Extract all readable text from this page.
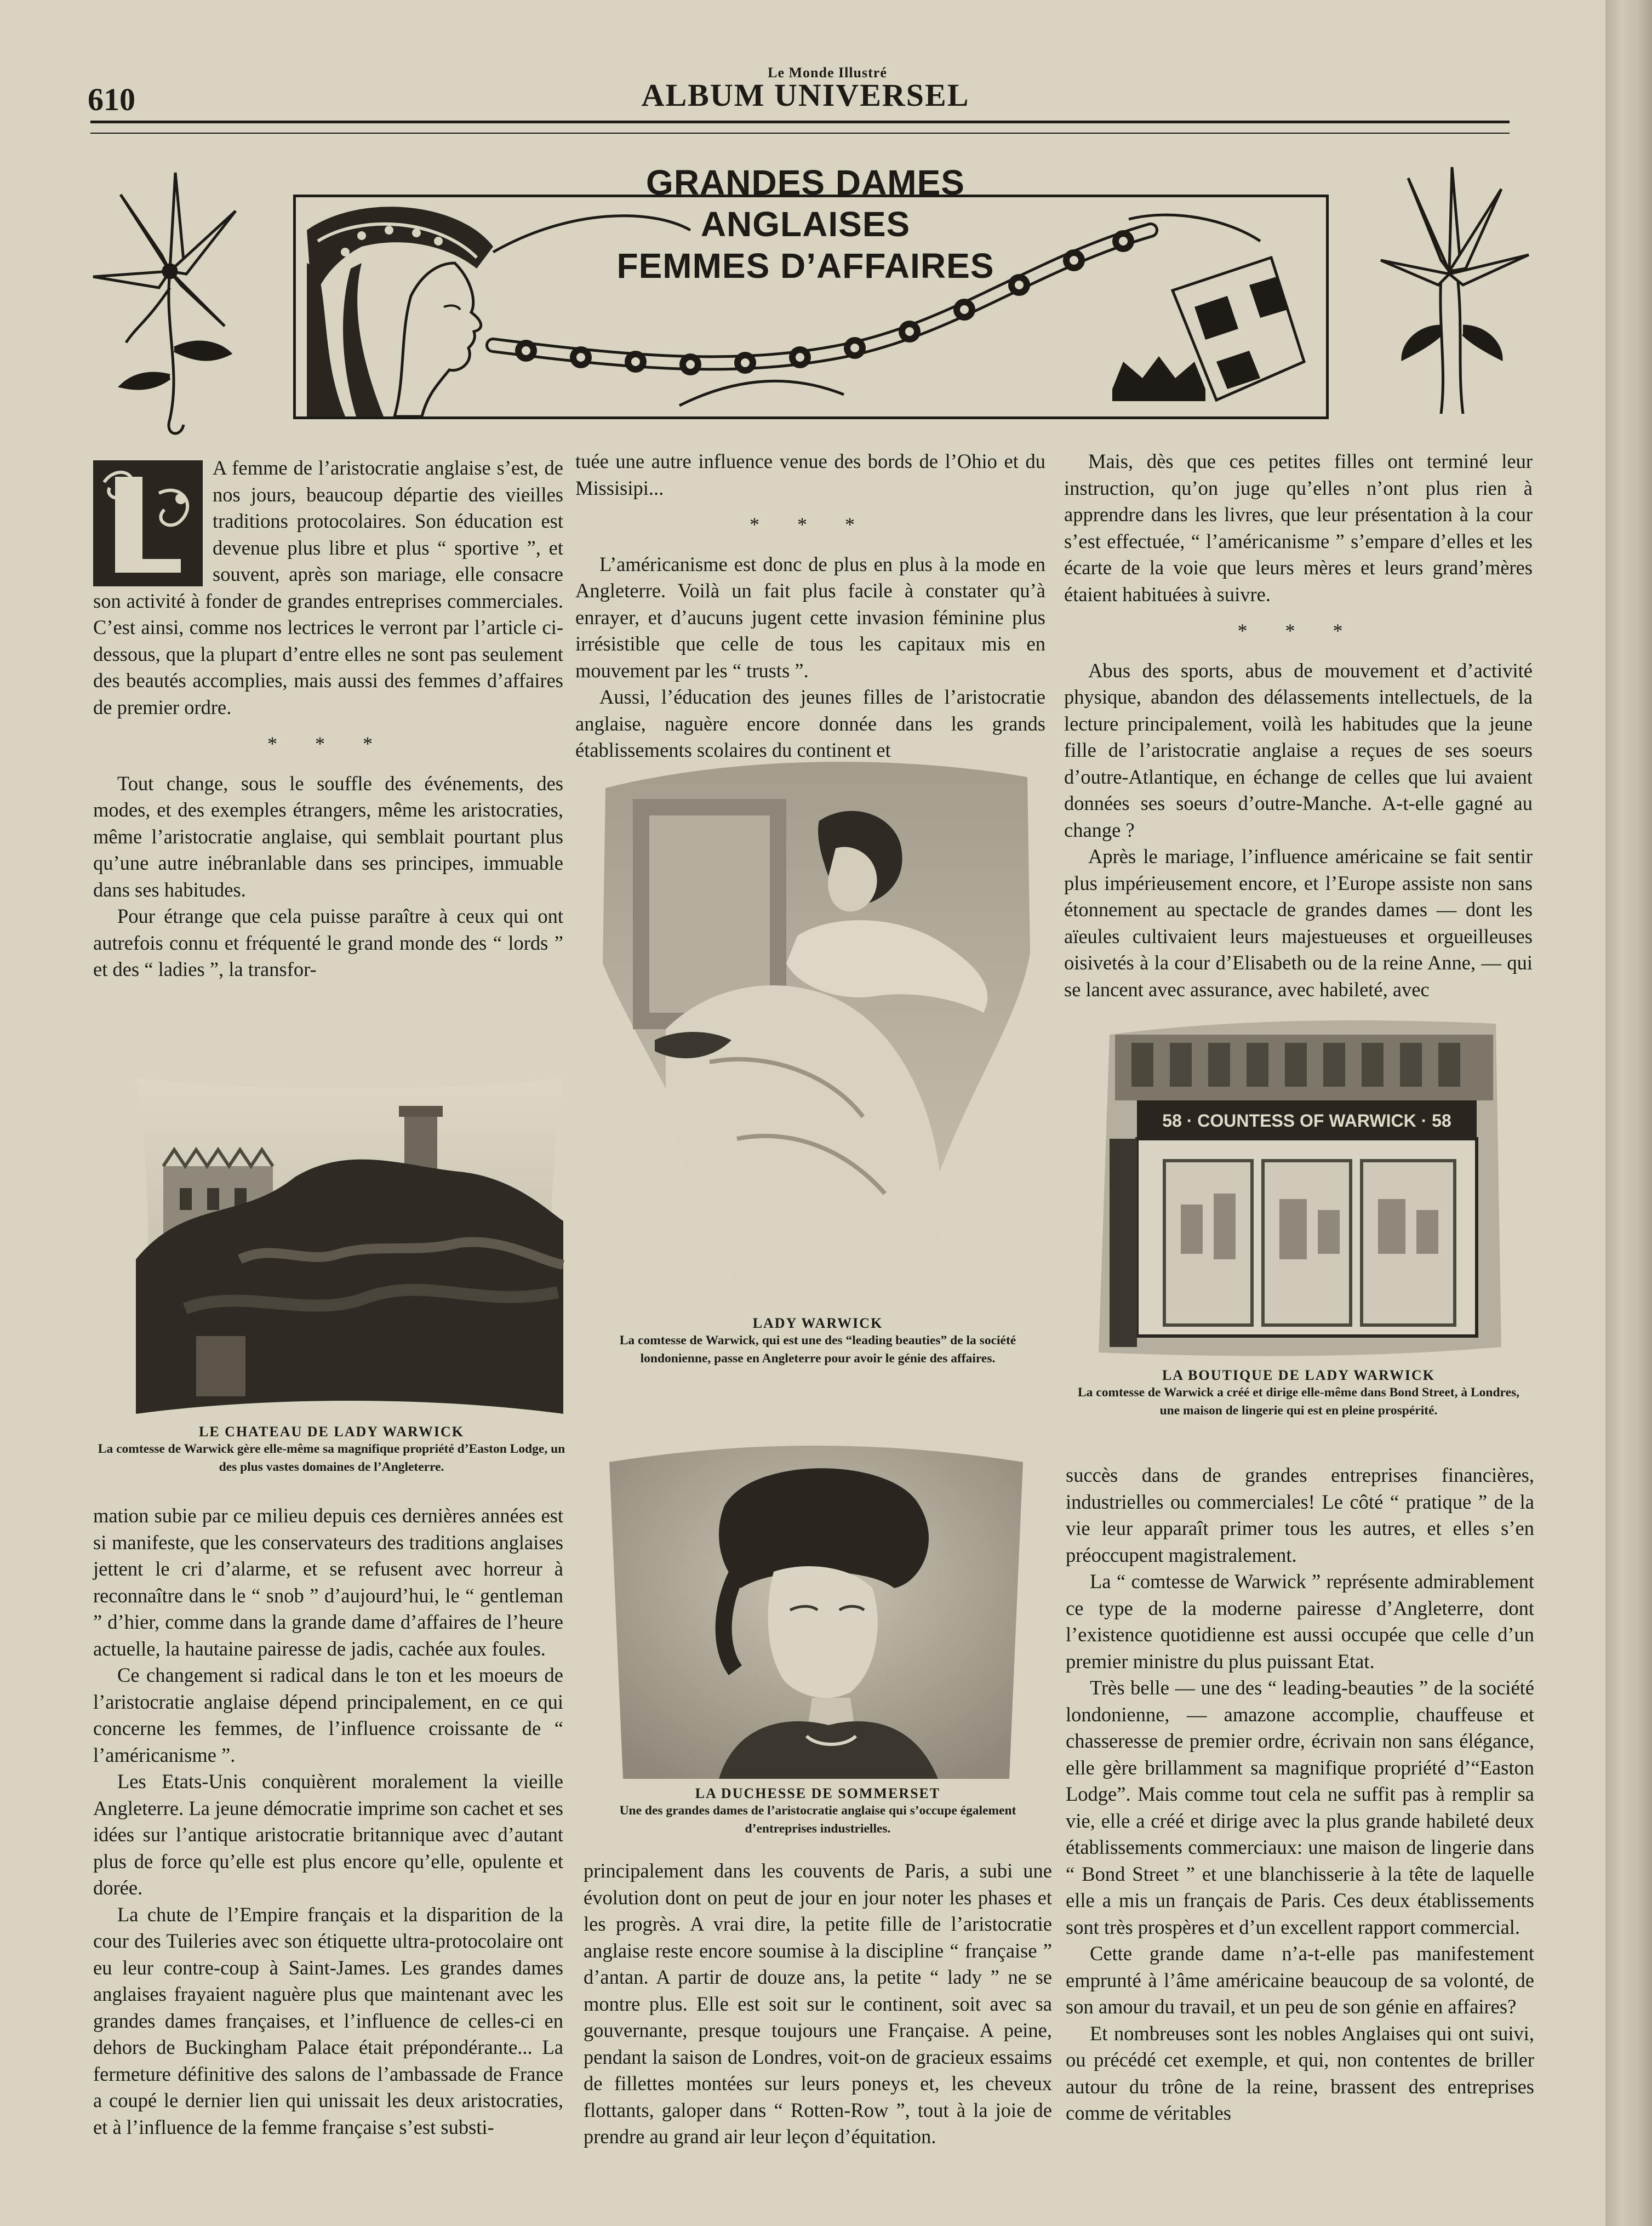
Le Monde Illustré
610	ALBUM UNIVERSEL
GRANDES DAMES
ANGLAISES
FEMMES D’AFFAIRES

A femme de l’aristocratie anglaise s’est, de nos jours, beaucoup départie des vieilles traditions protocolaires. Son éducation est devenue plus libre et plus “ sportive ”, et souvent, après son mariage, elle consacre son activité à fonder de grandes entreprises commerciales. C’est ainsi, comme nos lectrices le verront par l’article ci-dessous, que la plupart d’entre elles ne sont pas seulement des beautés accomplies, mais aussi des femmes d’affaires de premier ordre.

* * *

Tout change, sous le souffle des événements, des modes, et des exemples étrangers, même les aristocraties, même l’aristocratie anglaise, qui semblait pourtant plus qu’une autre inébranlable dans ses principes, immuable dans ses habitudes.

Pour étrange que cela puisse paraître à ceux qui ont autrefois connu et fréquenté le grand monde des “ lords ” et des “ ladies ”, la transfor-

LE CHATEAU DE LADY WARWICK
La comtesse de Warwick gère elle-même sa magnifique propriété d’Easton Lodge, un des plus vastes domaines de l’Angleterre.

mation subie par ce milieu depuis ces dernières années est si manifeste, que les conservateurs des traditions anglaises jettent le cri d’alarme, et se refusent avec horreur à reconnaître dans le “ snob ” d’aujourd’hui, le “ gentleman ” d’hier, comme dans la grande dame d’affaires de l’heure actuelle, la hautaine pairesse de jadis, cachée aux foules.

Ce changement si radical dans le ton et les moeurs de l’aristocratie anglaise dépend principalement, en ce qui concerne les femmes, de l’influence croissante de “ l’américanisme ”.

Les Etats-Unis conquièrent moralement la vieille Angleterre. La jeune démocratie imprime son cachet et ses idées sur l’antique aristocratie britannique avec d’autant plus de force qu’elle est plus encore qu’elle, opulente et dorée.

La chute de l’Empire français et la disparition de la cour des Tuileries avec son étiquette ultra-protocolaire ont eu leur contre-coup à Saint-James. Les grandes dames anglaises frayaient naguère plus que maintenant avec les grandes dames françaises, et l’influence de celles-ci en dehors de Buckingham Palace était prépondérante... La fermeture définitive des salons de l’ambassade de France a coupé le dernier lien qui unissait les deux aristocraties, et à l’influence de la femme française s’est substi-

tuée une autre influence venue des bords de l’Ohio et du Missisipi...

* * *

L’américanisme est donc de plus en plus à la mode en Angleterre. Voilà un fait plus facile à constater qu’à enrayer, et d’aucuns jugent cette invasion féminine plus irrésistible que celle de tous les capitaux mis en mouvement par les “ trusts ”.

Aussi, l’éducation des jeunes filles de l’aristocratie anglaise, naguère encore donnée dans les grands établissements scolaires du continent et

LADY WARWICK
La comtesse de Warwick, qui est une des “leading beauties” de la société londonienne, passe en Angleterre pour avoir le génie des affaires.
LA DUCHESSE DE SOMMERSET
Une des grandes dames de l’aristocratie anglaise qui s’occupe également d’entreprises industrielles.

principalement dans les couvents de Paris, a subi une évolution dont on peut de jour en jour noter les phases et les progrès. A vrai dire, la petite fille de l’aristocratie anglaise reste encore soumise à la discipline “ française ” d’antan. A partir de douze ans, la petite “ lady ” ne se montre plus. Elle est soit sur le continent, soit avec sa gouvernante, presque toujours une Française. A peine, pendant la saison de Londres, voit-on de gracieux essaims de fillettes montées sur leurs poneys et, les cheveux flottants, galoper dans “ Rotten-Row ”, tout à la joie de prendre au grand air leur leçon d’équitation.

Mais, dès que ces petites filles ont terminé leur instruction, qu’on juge qu’elles n’ont plus rien à apprendre dans les livres, que leur présentation à la cour s’est effectuée, “ l’américanisme ” s’empare d’elles et les écarte de la voie que leurs mères et leurs grand’mères étaient habituées à suivre.

* * *

Abus des sports, abus de mouvement et d’activité physique, abandon des délassements intellectuels, de la lecture principalement, voilà les habitudes que la jeune fille de l’aristocratie anglaise a reçues de ses soeurs d’outre-Atlantique, en échange de celles que lui avaient données ses soeurs d’outre-Manche. A-t-elle gagné au change ?

Après le mariage, l’influence américaine se fait sentir plus impérieusement encore, et l’Europe assiste non sans étonnement au spectacle de grandes dames — dont les aïeules cultivaient leurs majestueuses et orgueilleuses oisivetés à la cour d’Elisabeth ou de la reine Anne, — qui se lancent avec assurance, avec habileté, avec

58 · COUNTESS OF WARWICK · 58
LA BOUTIQUE DE LADY WARWICK
La comtesse de Warwick a créé et dirige elle-même dans Bond Street, à Londres, une maison de lingerie qui est en pleine prospérité.

succès dans de grandes entreprises financières, industrielles ou commerciales! Le côté “ pratique ” de la vie leur apparaît primer tous les autres, et elles s’en préoccupent magistralement.

La “ comtesse de Warwick ” représente admirablement ce type de la moderne pairesse d’Angleterre, dont l’existence quotidienne est aussi occupée que celle d’un premier ministre du plus puissant Etat.

Très belle — une des “ leading-beauties ” de la société londonienne, — amazone accomplie, chauffeuse et chasseresse de premier ordre, écrivain non sans élégance, elle gère brillamment sa magnifique propriété d’“Easton Lodge”. Mais comme tout cela ne suffit pas à remplir sa vie, elle a créé et dirige avec la plus grande habileté deux établissements commerciaux: une maison de lingerie dans “ Bond Street ” et une blanchisserie à la tête de laquelle elle a mis un français de Paris. Ces deux établissements sont très prospères et d’un excellent rapport commercial.

Cette grande dame n’a-t-elle pas manifestement emprunté à l’âme américaine beaucoup de sa volonté, de son amour du travail, et un peu de son génie en affaires?

Et nombreuses sont les nobles Anglaises qui ont suivi, ou précédé cet exemple, et qui, non contentes de briller autour du trône de la reine, brassent des entreprises comme de véritables
